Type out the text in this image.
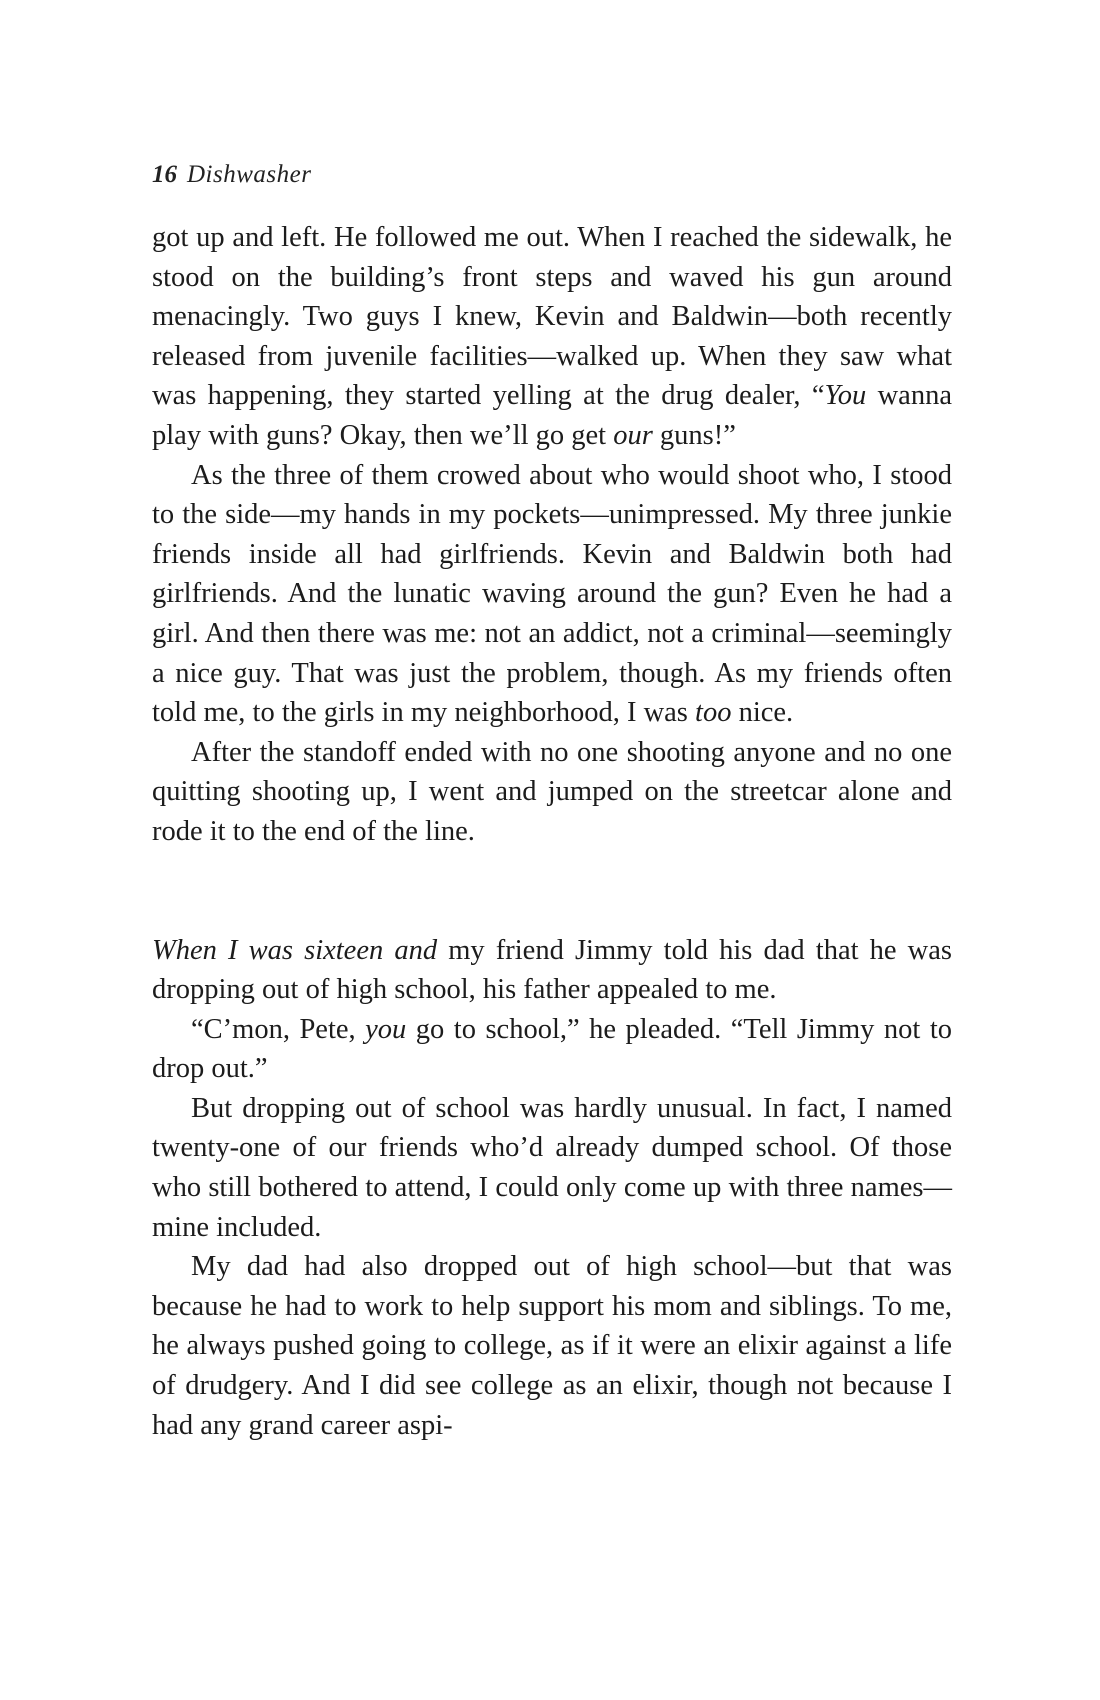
16 Dishwasher

got up and left. He followed me out. When I reached the sidewalk, he stood on the building’s front steps and waved his gun around menacingly. Two guys I knew, Kevin and Baldwin—both recently released from juvenile facilities—walked up. When they saw what was happening, they started yelling at the drug dealer, “You wanna play with guns? Okay, then we’ll go get our guns!”

As the three of them crowed about who would shoot who, I stood to the side—my hands in my pockets—unimpressed. My three junkie friends inside all had girlfriends. Kevin and Baldwin both had girlfriends. And the lunatic waving around the gun? Even he had a girl. And then there was me: not an addict, not a criminal—seemingly a nice guy. That was just the problem, though. As my friends often told me, to the girls in my neighborhood, I was too nice.

After the standoff ended with no one shooting anyone and no one quitting shooting up, I went and jumped on the streetcar alone and rode it to the end of the line.

When I was sixteen and my friend Jimmy told his dad that he was dropping out of high school, his father appealed to me.

“C’mon, Pete, you go to school,” he pleaded. “Tell Jimmy not to drop out.”

But dropping out of school was hardly unusual. In fact, I named twenty-one of our friends who’d already dumped school. Of those who still bothered to attend, I could only come up with three names—mine included.

My dad had also dropped out of high school—but that was because he had to work to help support his mom and siblings. To me, he always pushed going to college, as if it were an elixir against a life of drudgery. And I did see college as an elixir, though not because I had any grand career aspi-
